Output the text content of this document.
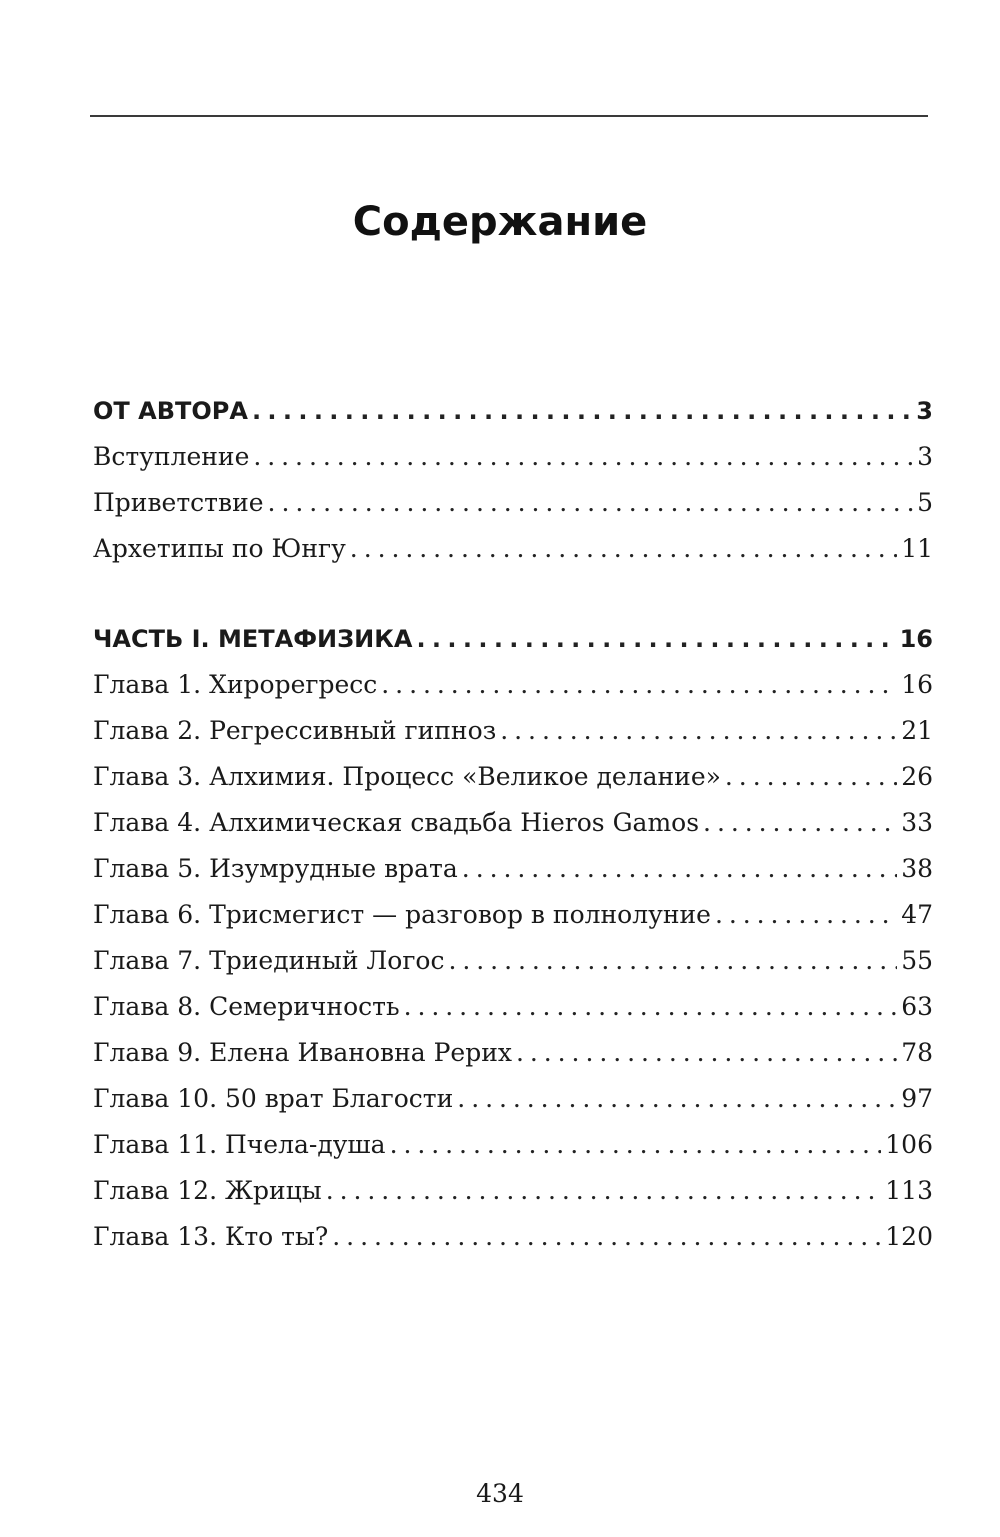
Содержание
ОТ АВТОРА . . .	3
Вступление . . .	3
Приветствие . . .	5
Архетипы по Юнгу . . .	11
ЧАСТЬ I. МЕТАФИЗИКА . . .	16
Глава 1. Хирорегресс . . .	16
Глава 2. Регрессивный гипноз . . .	21
Глава 3. Алхимия. Процесс «Великое делание» . . .	26
Глава 4. Алхимическая свадьба Hieros Gamos . . .	33
Глава 5. Изумрудные врата . . .	38
Глава 6. Трисмегист — разговор в полнолуние . . .	47
Глава 7. Триединый Логос . . .	55
Глава 8. Семеричность . . .	63
Глава 9. Елена Ивановна Рерих . . .	78
Глава 10. 50 врат Благости . . .	97
Глава 11. Пчела-душа . . .	106
Глава 12. Жрицы . . .	113
Глава 13. Кто ты? . . .	120
434
